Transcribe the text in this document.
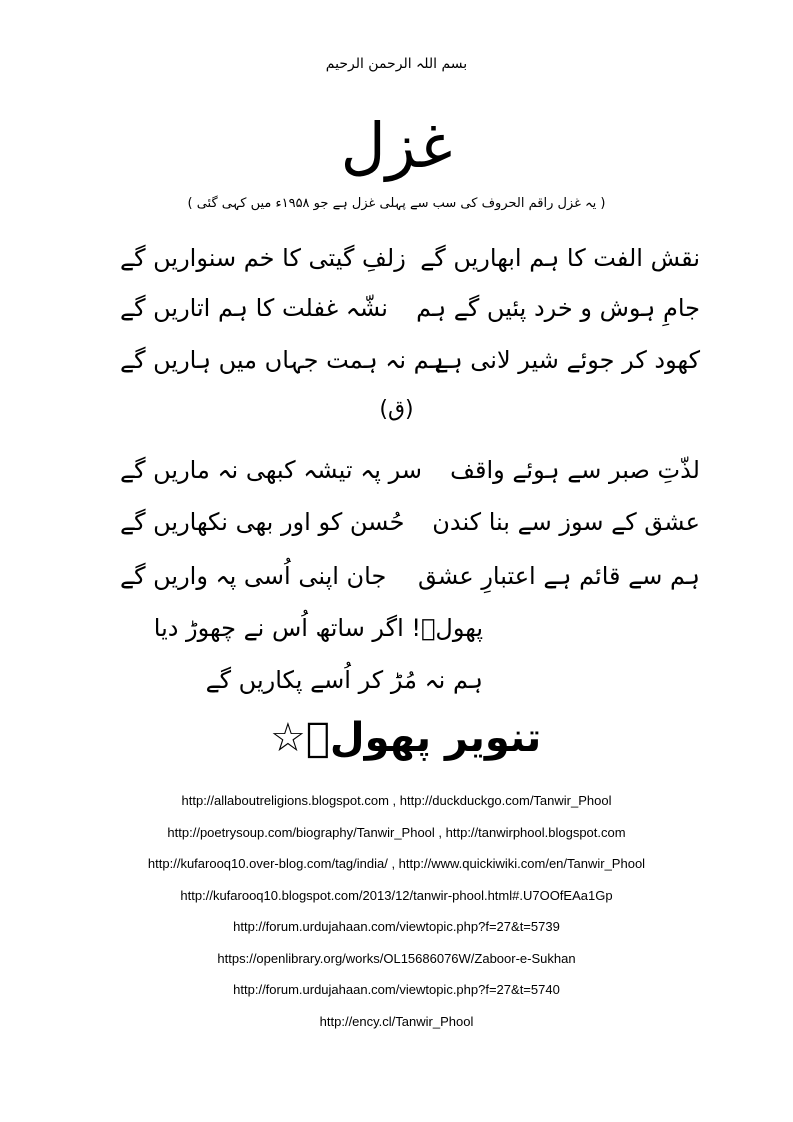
بسم اللہ الرحمن الرحیم
غزل
( یہ غزل راقم الحروف کی سب سے پہلی غزل ہے جو ۱۹۵۸ء میں کہی گئی )
نقش الفت کا ہم ابھاریں گے
زلفِ گیتی کا خم سنواریں گے
جامِ ہوش و خرد پئیں گے ہم
نشّہ غفلت کا ہم اتاریں گے
کھود کر جوئے شیر لانی ہے
ہم نہ ہمت جہاں میں ہاریں گے
(ق)
لذّتِ صبر سے ہوئے واقف
سر پہ تیشہ کبھی نہ ماریں گے
عشق کے سوز سے بنا کندن
حُسن کو اور بھی نکھاریں گے
ہم سے قائم ہے اعتبارِ عشق
جان اپنی اُسی پہ واریں گے
پھولؔ! اگر ساتھ اُس نے چھوڑ دیا
ہم نہ مُڑ کر اُسے پکاریں گے
☆تنویر پھولؔ
http://allaboutreligions.blogspot.com , http://duckduckgo.com/Tanwir_Phool
http://poetrysoup.com/biography/Tanwir_Phool , http://tanwirphool.blogspot.com
http://kufarooq10.over-blog.com/tag/india/ , http://www.quickiwiki.com/en/Tanwir_Phool
http://kufarooq10.blogspot.com/2013/12/tanwir-phool.html#.U7OOfEAa1Gp
http://forum.urdujahaan.com/viewtopic.php?f=27&t=5739
https://openlibrary.org/works/OL15686076W/Zaboor-e-Sukhan
http://forum.urdujahaan.com/viewtopic.php?f=27&t=5740
http://ency.cl/Tanwir_Phool
